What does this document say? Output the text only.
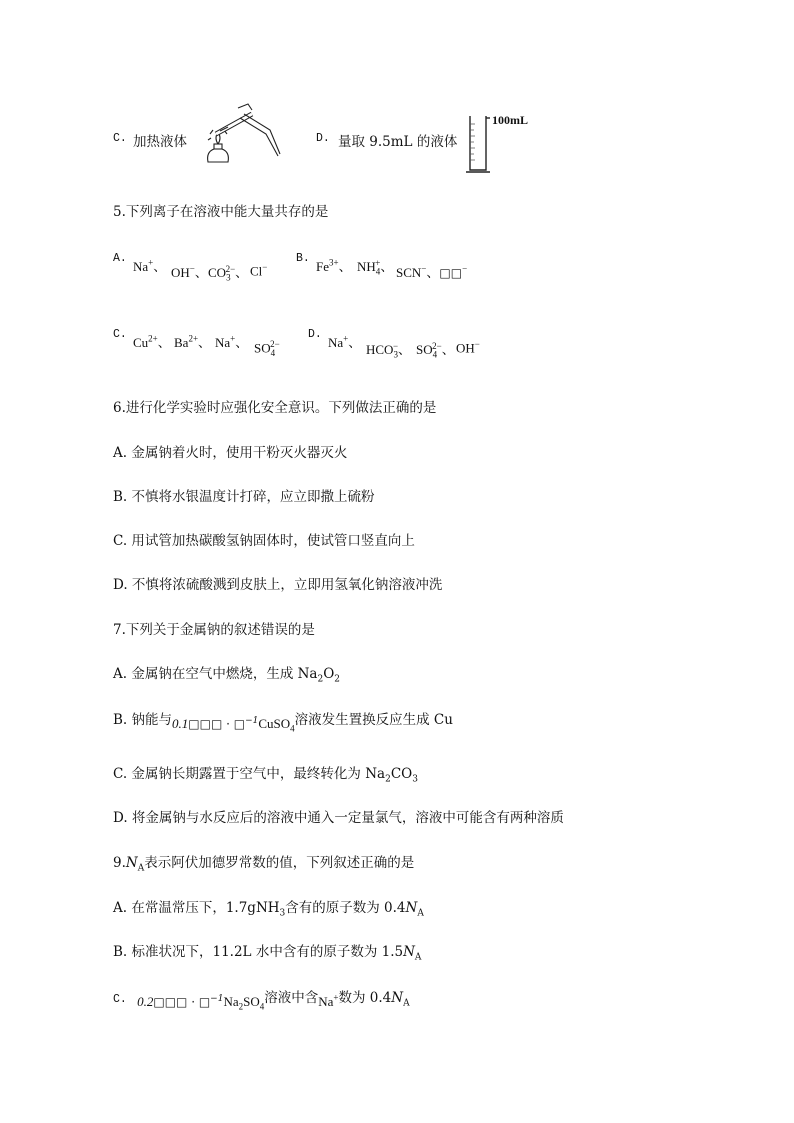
C. 加热液体	D. 量取 9.5mL 的液体
100mL
5.下列离子在溶液中能大量共存的是
A.
Na+、 OH−、 $CO_3^{2-}$、 Cl−
B.
$Fe^{3+}$、 $NH_4^+$、 SCN−、□□−
C.
$Cu^{2+}$、 $Ba^{2+}$、 Na+、 $SO_4^{2-}$
D.
Na+、 $HCO_3^-$、 $SO_4^{2-}$、 OH−
6.进行化学实验时应强化安全意识。下列做法正确的是
A. 金属钠着火时，使用干粉灭火器灭火
B. 不慎将水银温度计打碎，应立即撒上硫粉
C. 用试管加热碳酸氢钠固体时，使试管口竖直向上
D. 不慎将浓硫酸溅到皮肤上，立即用氢氧化钠溶液冲洗
7.下列关于金属钠的叙述错误的是
A. 金属钠在空气中燃烧，生成 $Na_2O_2$
B. 钠能与0.1□□□ · □$^{-1}$CuSO$_4$溶液发生置换反应生成 Cu
C. 金属钠长期露置于空气中，最终转化为 $Na_2CO_3$
D. 将金属钠与水反应后的溶液中通入一定量氯气，溶液中可能含有两种溶质
$9.N_A$表示阿伏加德罗常数的值，下列叙述正确的是
A. 在常温常压下，1.7gNH$_3$含有的原子数为 $0.4N_A$
B. 标准状况下，11.2L 水中含有的原子数为 $1.5N_A$
C. 0.2□□□ · $□^{-1}Na_2SO_4$溶液中含Na+数为 $0.4N_A$
